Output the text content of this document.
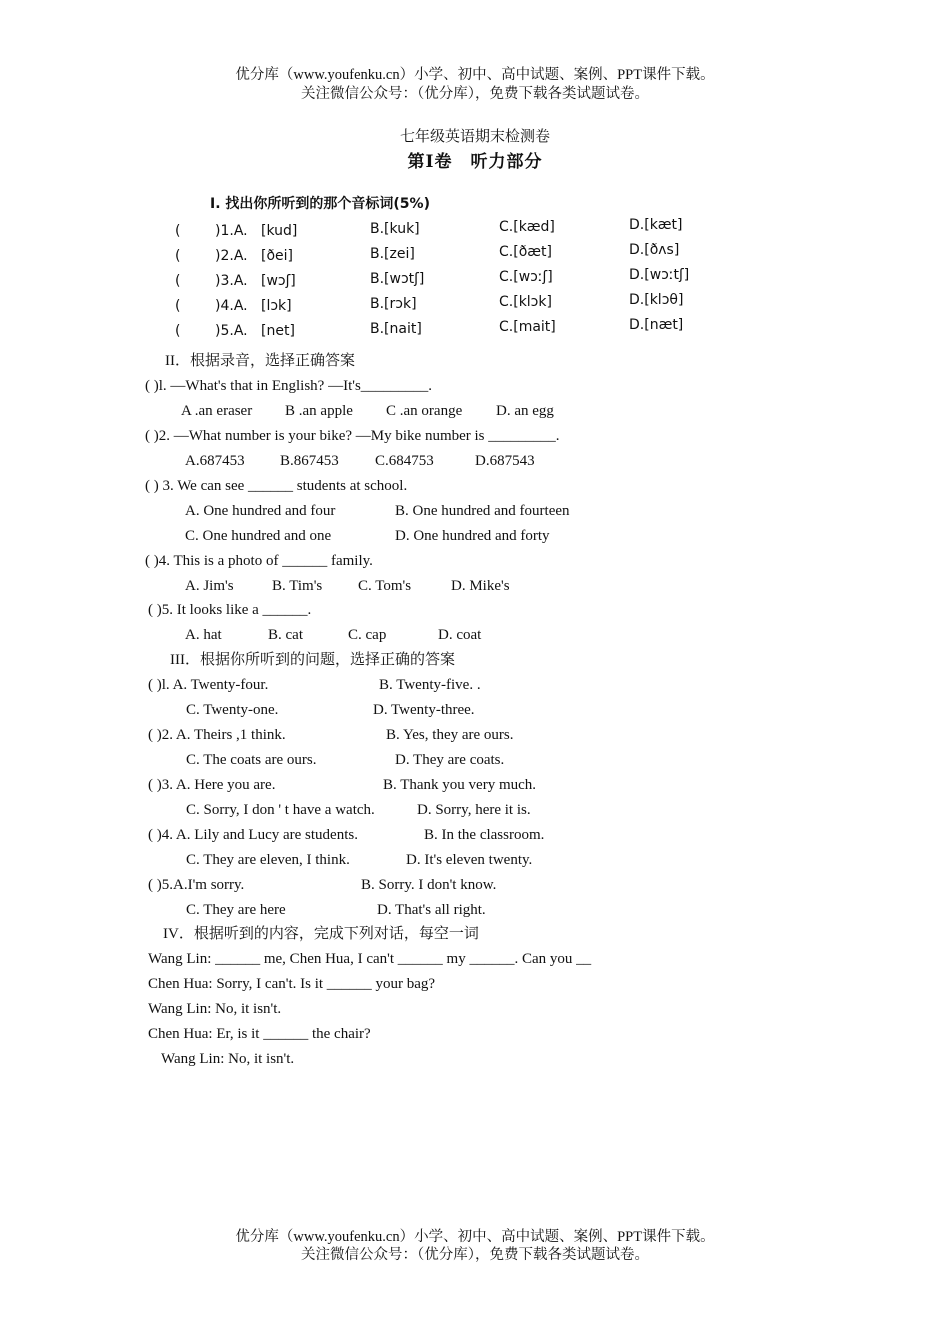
优分库（www.youfenku.cn）小学、初中、高中试题、案例、PPT课件下载。
关注微信公众号：（优分库），免费下载各类试题试卷。
七年级英语期末检测卷
第Ⅰ卷　听力部分
Ⅰ. 找出你所听到的那个音标词(5%)
( )1.A. [kud]	B.[kuk]	C.[kæd]	D.[kæt]
( )2.A. [ðei]	B.[zei]	C.[ðæt]	D.[ðʌs]
( )3.A. [wɔʃ]	B.[wɔtʃ]	C.[wɔːʃ]	D.[wɔːtʃ]
( )4.A. [lɔk]	B.[rɔk]	C.[klɔk]	D.[klɔθ]
( )5.A. [net]	B.[nait]	C.[mait]	D.[næt]
II．根据录音，选择正确答案
( )l. —What's that in English? —It's_________.
A .an eraser B .an apple C .an orange D. an egg
( )2. —What number is your bike? —My bike number is _________.
A.687453 B.867453 C.684753	D.687543
( ) 3. We can see ______ students at school.
A. One hundred and four	B. One hundred and fourteen
C. One hundred and one	D. One hundred and forty
( )4. This is a photo of ______ family.
A. Jim's	B. Tim's C. Tom's	D. Mike's
( )5. It looks like a ______.
A. hat	B. cat	C. cap	D. coat
III．根据你所听到的问题，选择正确的答案
( )l. A. Twenty-four.	B. Twenty-five. .
C. Twenty-one.	D. Twenty-three.
( )2. A. Theirs ,1 think.	B. Yes, they are ours.
C. The coats are ours.	D. They are coats.
( )3. A. Here you are.	B. Thank you very much.
C. Sorry, I don ' t have a watch.	D. Sorry, here it is.
( )4. A. Lily and Lucy are students.	B. In the classroom.
C. They are eleven, I think.	D. It's eleven twenty.
( )5.A.I'm sorry.	B. Sorry. I don't know.
C. They are here	D. That's all right.
IV．根据听到的内容，完成下列对话，每空一词
Wang Lin: ______ me, Chen Hua, I can't ______ my ______. Can you __
Chen Hua: Sorry, I can't. Is it ______ your bag?
Wang Lin: No, it isn't.
Chen Hua: Er, is it ______ the chair?
Wang Lin: No, it isn't.
优分库（www.youfenku.cn）小学、初中、高中试题、案例、PPT课件下载。
关注微信公众号：（优分库），免费下载各类试题试卷。
